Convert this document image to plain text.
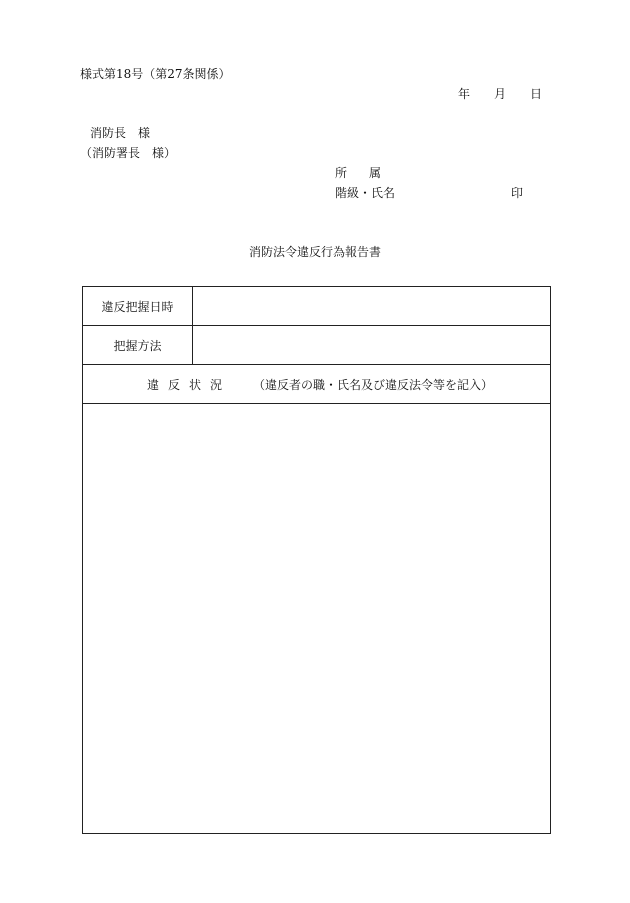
様式第18号（第27条関係）
年 月 日
消防長　様
（消防署長　様）
所 属
階級・氏名	印
消防法令違反行為報告書
違反把握日時
把握方法
違反状況 （違反者の職・氏名及び違反法令等を記入）
